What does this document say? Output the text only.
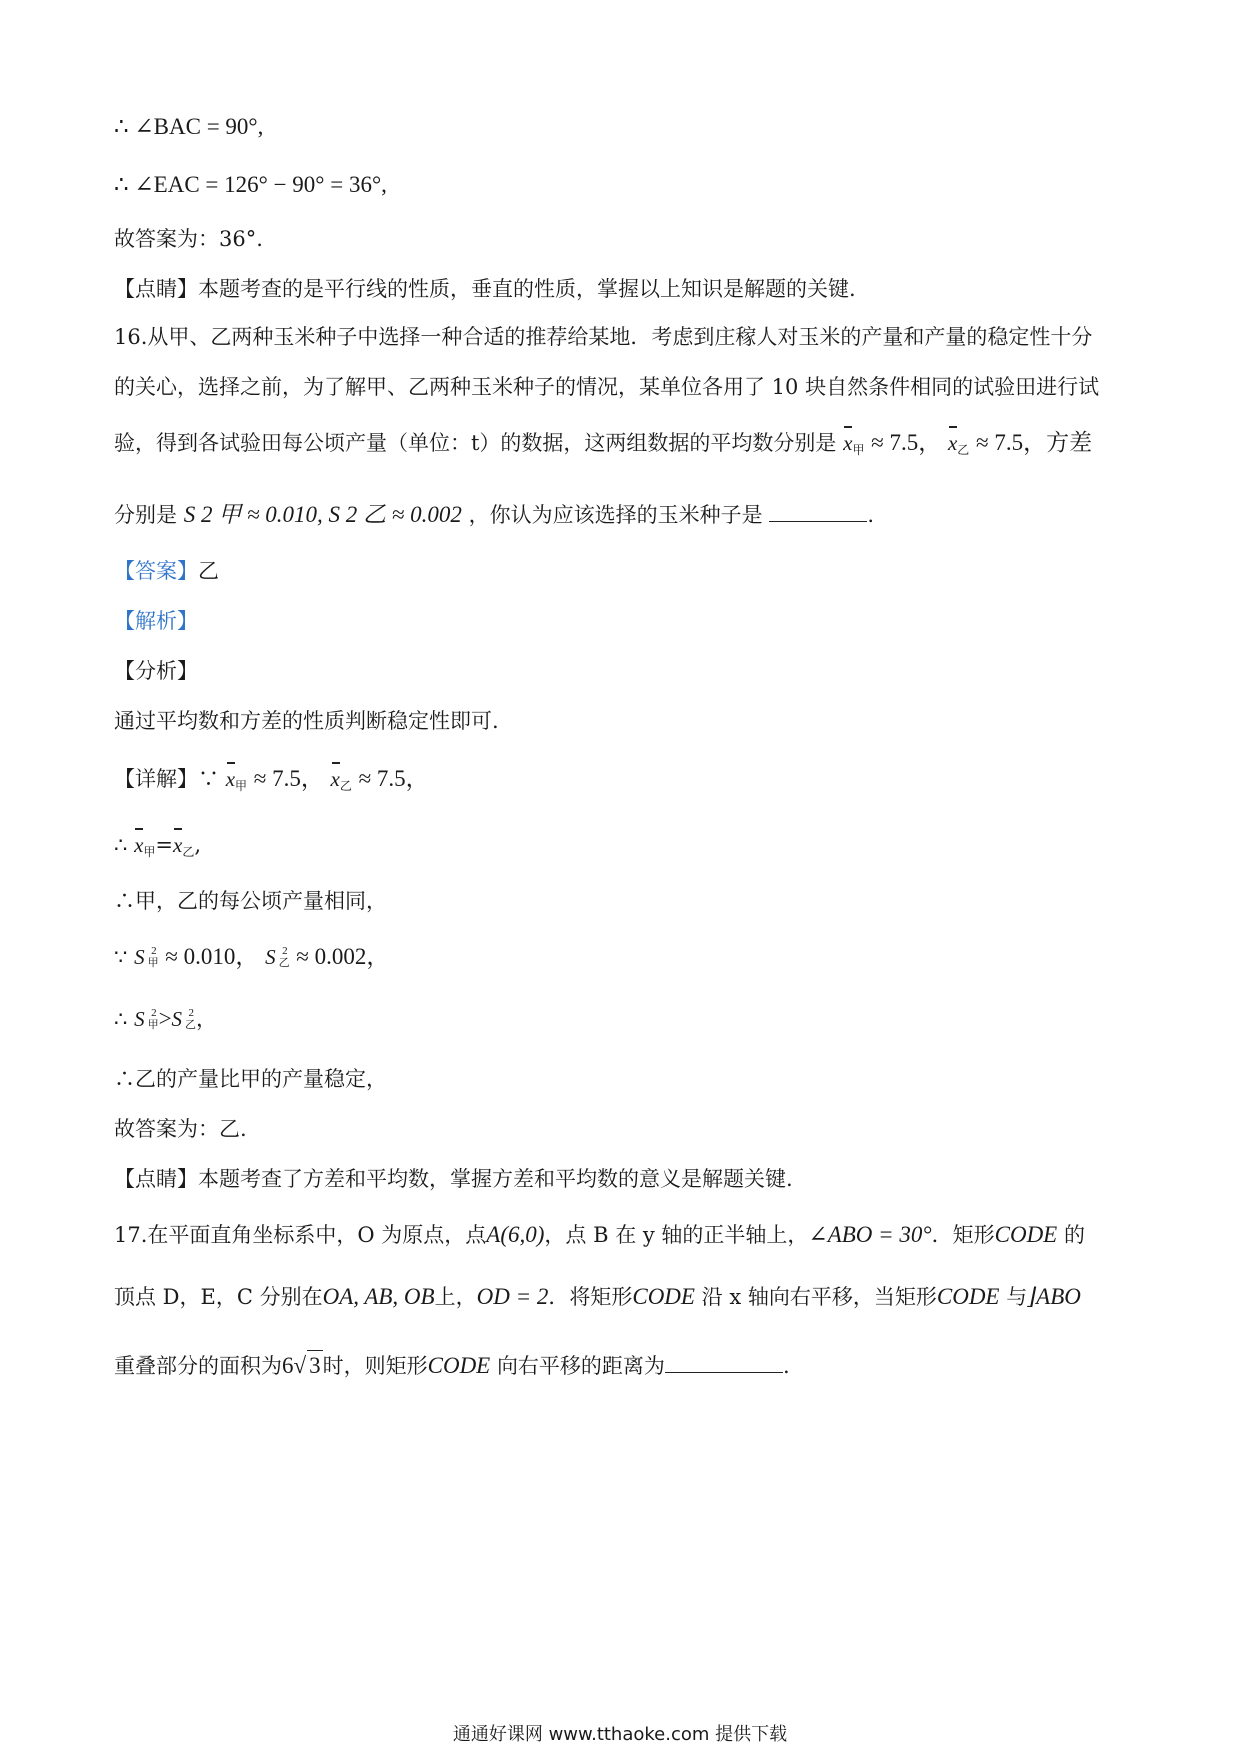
∴ ∠BAC = 90°,
∴ ∠EAC = 126° − 90° = 36°,
故答案为：36°.
【点睛】本题考查的是平行线的性质，垂直的性质，掌握以上知识是解题的关键.
16.从甲、乙两种玉米种子中选择一种合适的推荐给某地．考虑到庄稼人对玉米的产量和产量的稳定性十分
的关心，选择之前，为了解甲、乙两种玉米种子的情况，某单位各用了 10 块自然条件相同的试验田进行试
验，得到各试验田每公顷产量（单位：t）的数据，这两组数据的平均数分别是 $x_甲 \approx 7.5$， $x_乙 \approx 7.5$，方差
分别是 S 2 甲 ≈ 0.010, S 2 乙 ≈ 0.002 ，你认为应该选择的玉米种子是	.
【答案】乙
【解析】
【分析】
通过平均数和方差的性质判断稳定性即可.
【详解】∵ $x_甲 \approx 7.5$， $x_乙 \approx 7.5$，
∴ $x_甲=x_乙$,
∴甲，乙的每公顷产量相同，
∵ S 2
甲 ≈ 0.010， S 2
乙 ≈ 0.002，
∴ S 2
甲 >S 2
乙 ，
∴乙的产量比甲的产量稳定，
故答案为：乙.
【点睛】本题考查了方差和平均数，掌握方差和平均数的意义是解题关键.
17.在平面直角坐标系中，O 为原点，点A(6,0)，点 B 在 y 轴的正半轴上，∠ABO = 30°．矩形CODE 的
顶点 D，E，C 分别在OA, AB, OB上，OD = 2．将矩形CODE 沿 x 轴向右平移，当矩形CODE 与⌋ABO
重叠部分的面积为6√ 3时，则矩形CODE 向右平移的距离为	.
通通好课网 www.tthaoke.com 提供下载
